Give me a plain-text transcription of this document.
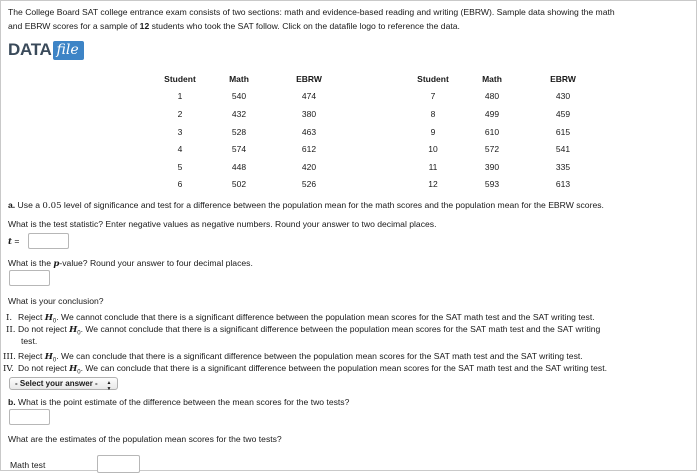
The College Board SAT college entrance exam consists of two sections: math and evidence-based reading and writing (EBRW). Sample data showing the math
and EBRW scores for a sample of 12 students who took the SAT follow. Click on the datafile logo to reference the data.
DATA file
Student	Math	EBRW		Student	Math	EBRW
1	540	474		7	480	430
2	432	380		8	499	459
3	528	463		9	610	615
4	574	612		10	572	541
5	448	420		11	390	335
6	502	526		12	593	613
a. Use a 0.05 level of significance and test for a difference between the population mean for the math scores and the population mean for the EBRW scores.
What is the test statistic? Enter negative values as negative numbers. Round your answer to two decimal places.
t =
What is the p-value? Round your answer to four decimal places.
What is your conclusion?
I. Reject $H_0$. We cannot conclude that there is a significant difference between the population mean scores for the SAT math test and the SAT writing test.
II. Do not reject $H_0$. We cannot conclude that there is a significant difference between the population mean scores for the SAT math test and the SAT writing
test.
III. Reject $H_0$. We can conclude that there is a significant difference between the population mean scores for the SAT math test and the SAT writing test.
IV. Do not reject $H_0$. We can conclude that there is a significant difference between the population mean scores for the SAT math test and the SAT writing test.
- Select your answer - ▲▼
b. What is the point estimate of the difference between the mean scores for the two tests?
What are the estimates of the population mean scores for the two tests?
Math test
